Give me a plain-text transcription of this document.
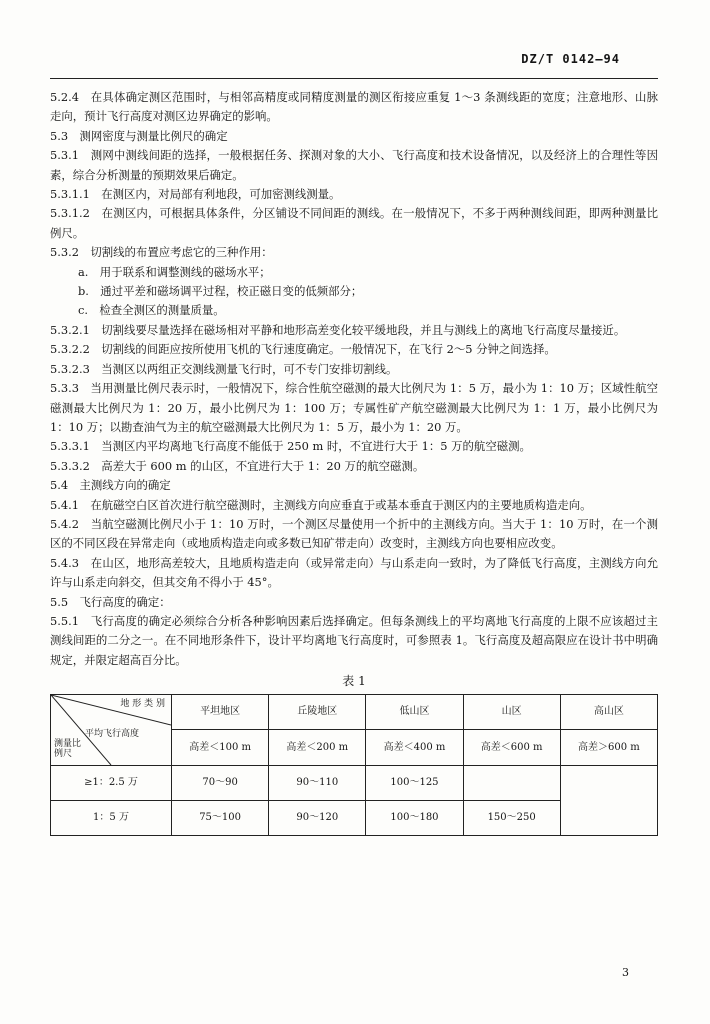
DZ/T 0142—94

5.2.4　在具体确定测区范围时，与相邻高精度或同精度测量的测区衔接应重复 1～3 条测线距的宽度；注意地形、山脉走向，预计飞行高度对测区边界确定的影响。

5.3　测网密度与测量比例尺的确定

5.3.1　测网中测线间距的选择，一般根据任务、探测对象的大小、飞行高度和技术设备情况，以及经济上的合理性等因素，综合分析测量的预期效果后确定。

5.3.1.1　在测区内，对局部有利地段，可加密测线测量。

5.3.1.2　在测区内，可根据具体条件，分区铺设不同间距的测线。在一般情况下，不多于两种测线间距，即两种测量比例尺。

5.3.2　切割线的布置应考虑它的三种作用：

a.　用于联系和调整测线的磁场水平；

b.　通过平差和磁场调平过程，校正磁日变的低频部分；

c.　检查全测区的测量质量。

5.3.2.1　切割线要尽量选择在磁场相对平静和地形高差变化较平缓地段，并且与测线上的离地飞行高度尽量接近。

5.3.2.2　切割线的间距应按所使用飞机的飞行速度确定。一般情况下，在飞行 2～5 分钟之间选择。

5.3.2.3　当测区以两组正交测线测量飞行时，可不专门安排切割线。

5.3.3　当用测量比例尺表示时，一般情况下，综合性航空磁测的最大比例尺为 1：5 万，最小为 1：10 万；区域性航空磁测最大比例尺为 1：20 万，最小比例尺为 1：100 万；专属性矿产航空磁测最大比例尺为 1：1 万，最小比例尺为 1：10 万；以勘查油气为主的航空磁测最大比例尺为 1：5 万，最小为 1：20 万。

5.3.3.1　当测区内平均离地飞行高度不能低于 250 m 时，不宜进行大于 1：5 万的航空磁测。

5.3.3.2　高差大于 600 m 的山区，不宜进行大于 1：20 万的航空磁测。

5.4　主测线方向的确定

5.4.1　在航磁空白区首次进行航空磁测时，主测线方向应垂直于或基本垂直于测区内的主要地质构造走向。

5.4.2　当航空磁测比例尺小于 1：10 万时，一个测区尽量使用一个折中的主测线方向。当大于 1：10 万时，在一个测区的不同区段在异常走向（或地质构造走向或多数已知矿带走向）改变时，主测线方向也要相应改变。

5.4.3　在山区，地形高差较大，且地质构造走向（或异常走向）与山系走向一致时，为了降低飞行高度，主测线方向允许与山系走向斜交，但其交角不得小于 45°。

5.5　飞行高度的确定：

5.5.1　飞行高度的确定必须综合分析各种影响因素后选择确定。但每条测线上的平均离地飞行高度的上限不应该超过主测线间距的二分之一。在不同地形条件下，设计平均离地飞行高度时，可参照表 1。飞行高度及超高限应在设计书中明确规定，并限定超高百分比。

表 1

地 形 类 别
平均飞行高度
测量比例尺	平坦地区	丘陵地区	低山区	山区	高山区
	高差＜100 m	高差＜200 m	高差＜400 m	高差＜600 m	高差＞600 m
≥1：2.5 万	70～90	90～110	100～125		
1：5 万	75～100	90～120	100～180	150～250	
3
